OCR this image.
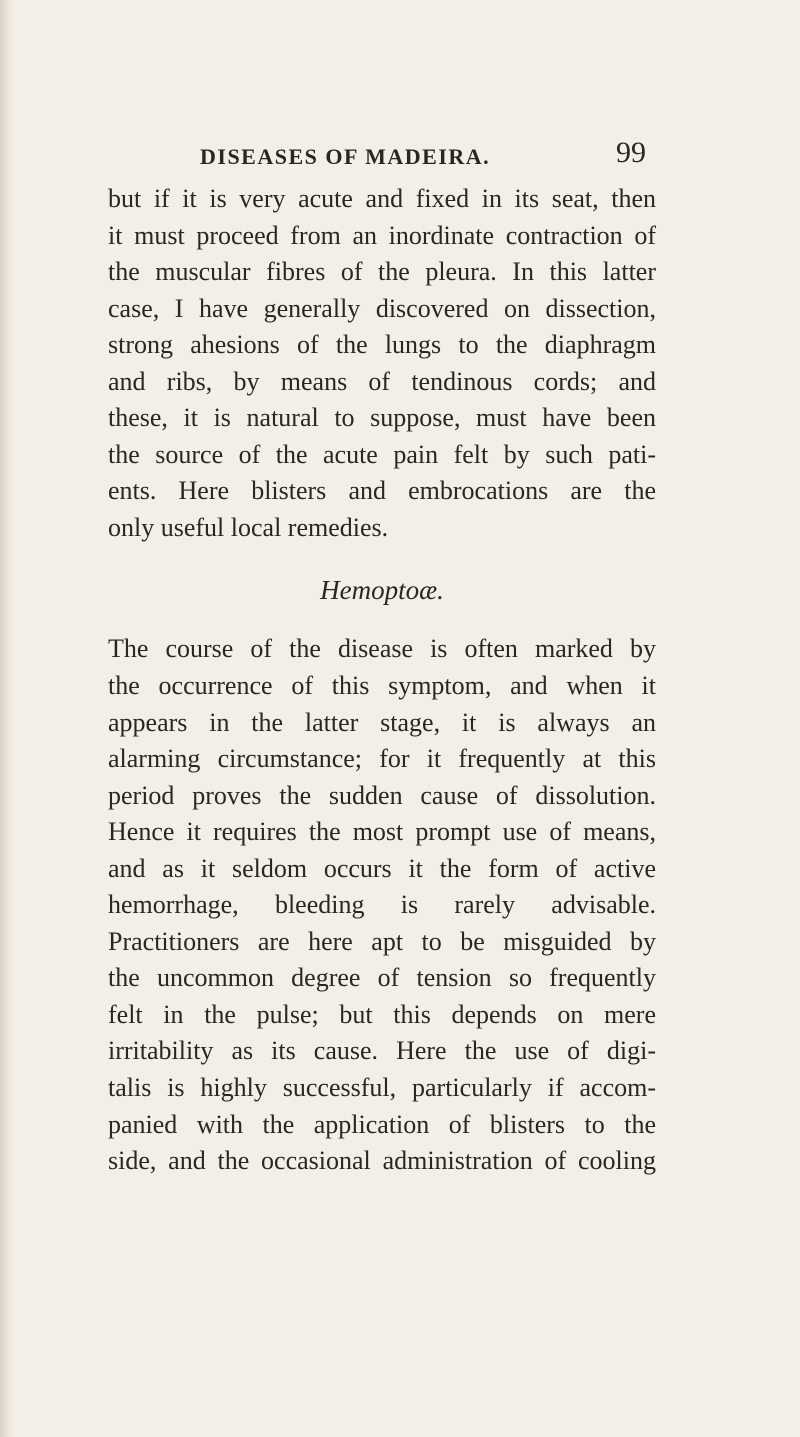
DISEASES OF MADEIRA.	99
but if it is very acute and fixed in its seat, then
it must proceed from an inordinate contraction of
the muscular fibres of the pleura. In this latter
case, I have generally discovered on dissection,
strong ahesions of the lungs to the diaphragm
and ribs, by means of tendinous cords; and
these, it is natural to suppose, must have been
the source of the acute pain felt by such pati-
ents. Here blisters and embrocations are the
only useful local remedies.
Hemoptoæ.
The course of the disease is often marked by
the occurrence of this symptom, and when it
appears in the latter stage, it is always an
alarming circumstance; for it frequently at this
period proves the sudden cause of dissolution.
Hence it requires the most prompt use of means,
and as it seldom occurs it the form of active
hemorrhage, bleeding is rarely advisable.
Practitioners are here apt to be misguided by
the uncommon degree of tension so frequently
felt in the pulse; but this depends on mere
irritability as its cause. Here the use of digi-
talis is highly successful, particularly if accom-
panied with the application of blisters to the
side, and the occasional administration of cooling
